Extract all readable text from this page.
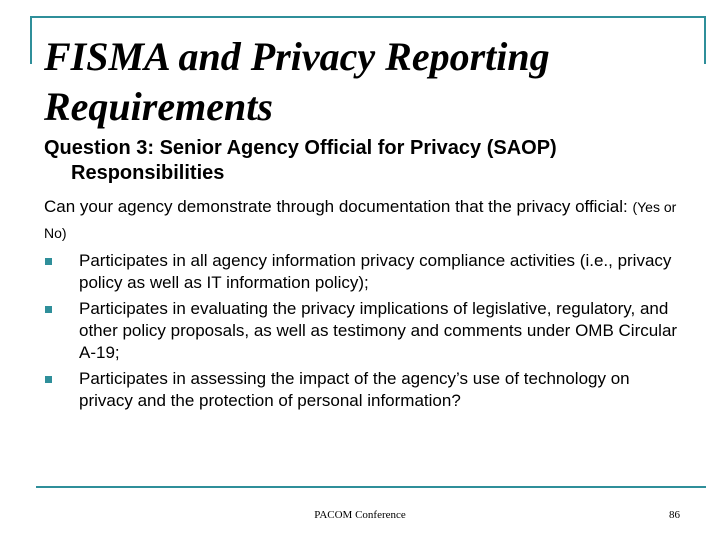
FISMA and Privacy Reporting Requirements
Question 3: Senior Agency Official for Privacy (SAOP)
Responsibilities
Can your agency demonstrate through documentation that the privacy official: (Yes or No)
Participates in all agency information privacy compliance activities (i.e., privacy policy as well as IT information policy);
Participates in evaluating the privacy implications of legislative, regulatory, and other policy proposals, as well as testimony and comments under OMB Circular A-19;
Participates in assessing the impact of the agency’s use of technology on privacy and the protection of personal information?
PACOM Conference	86
